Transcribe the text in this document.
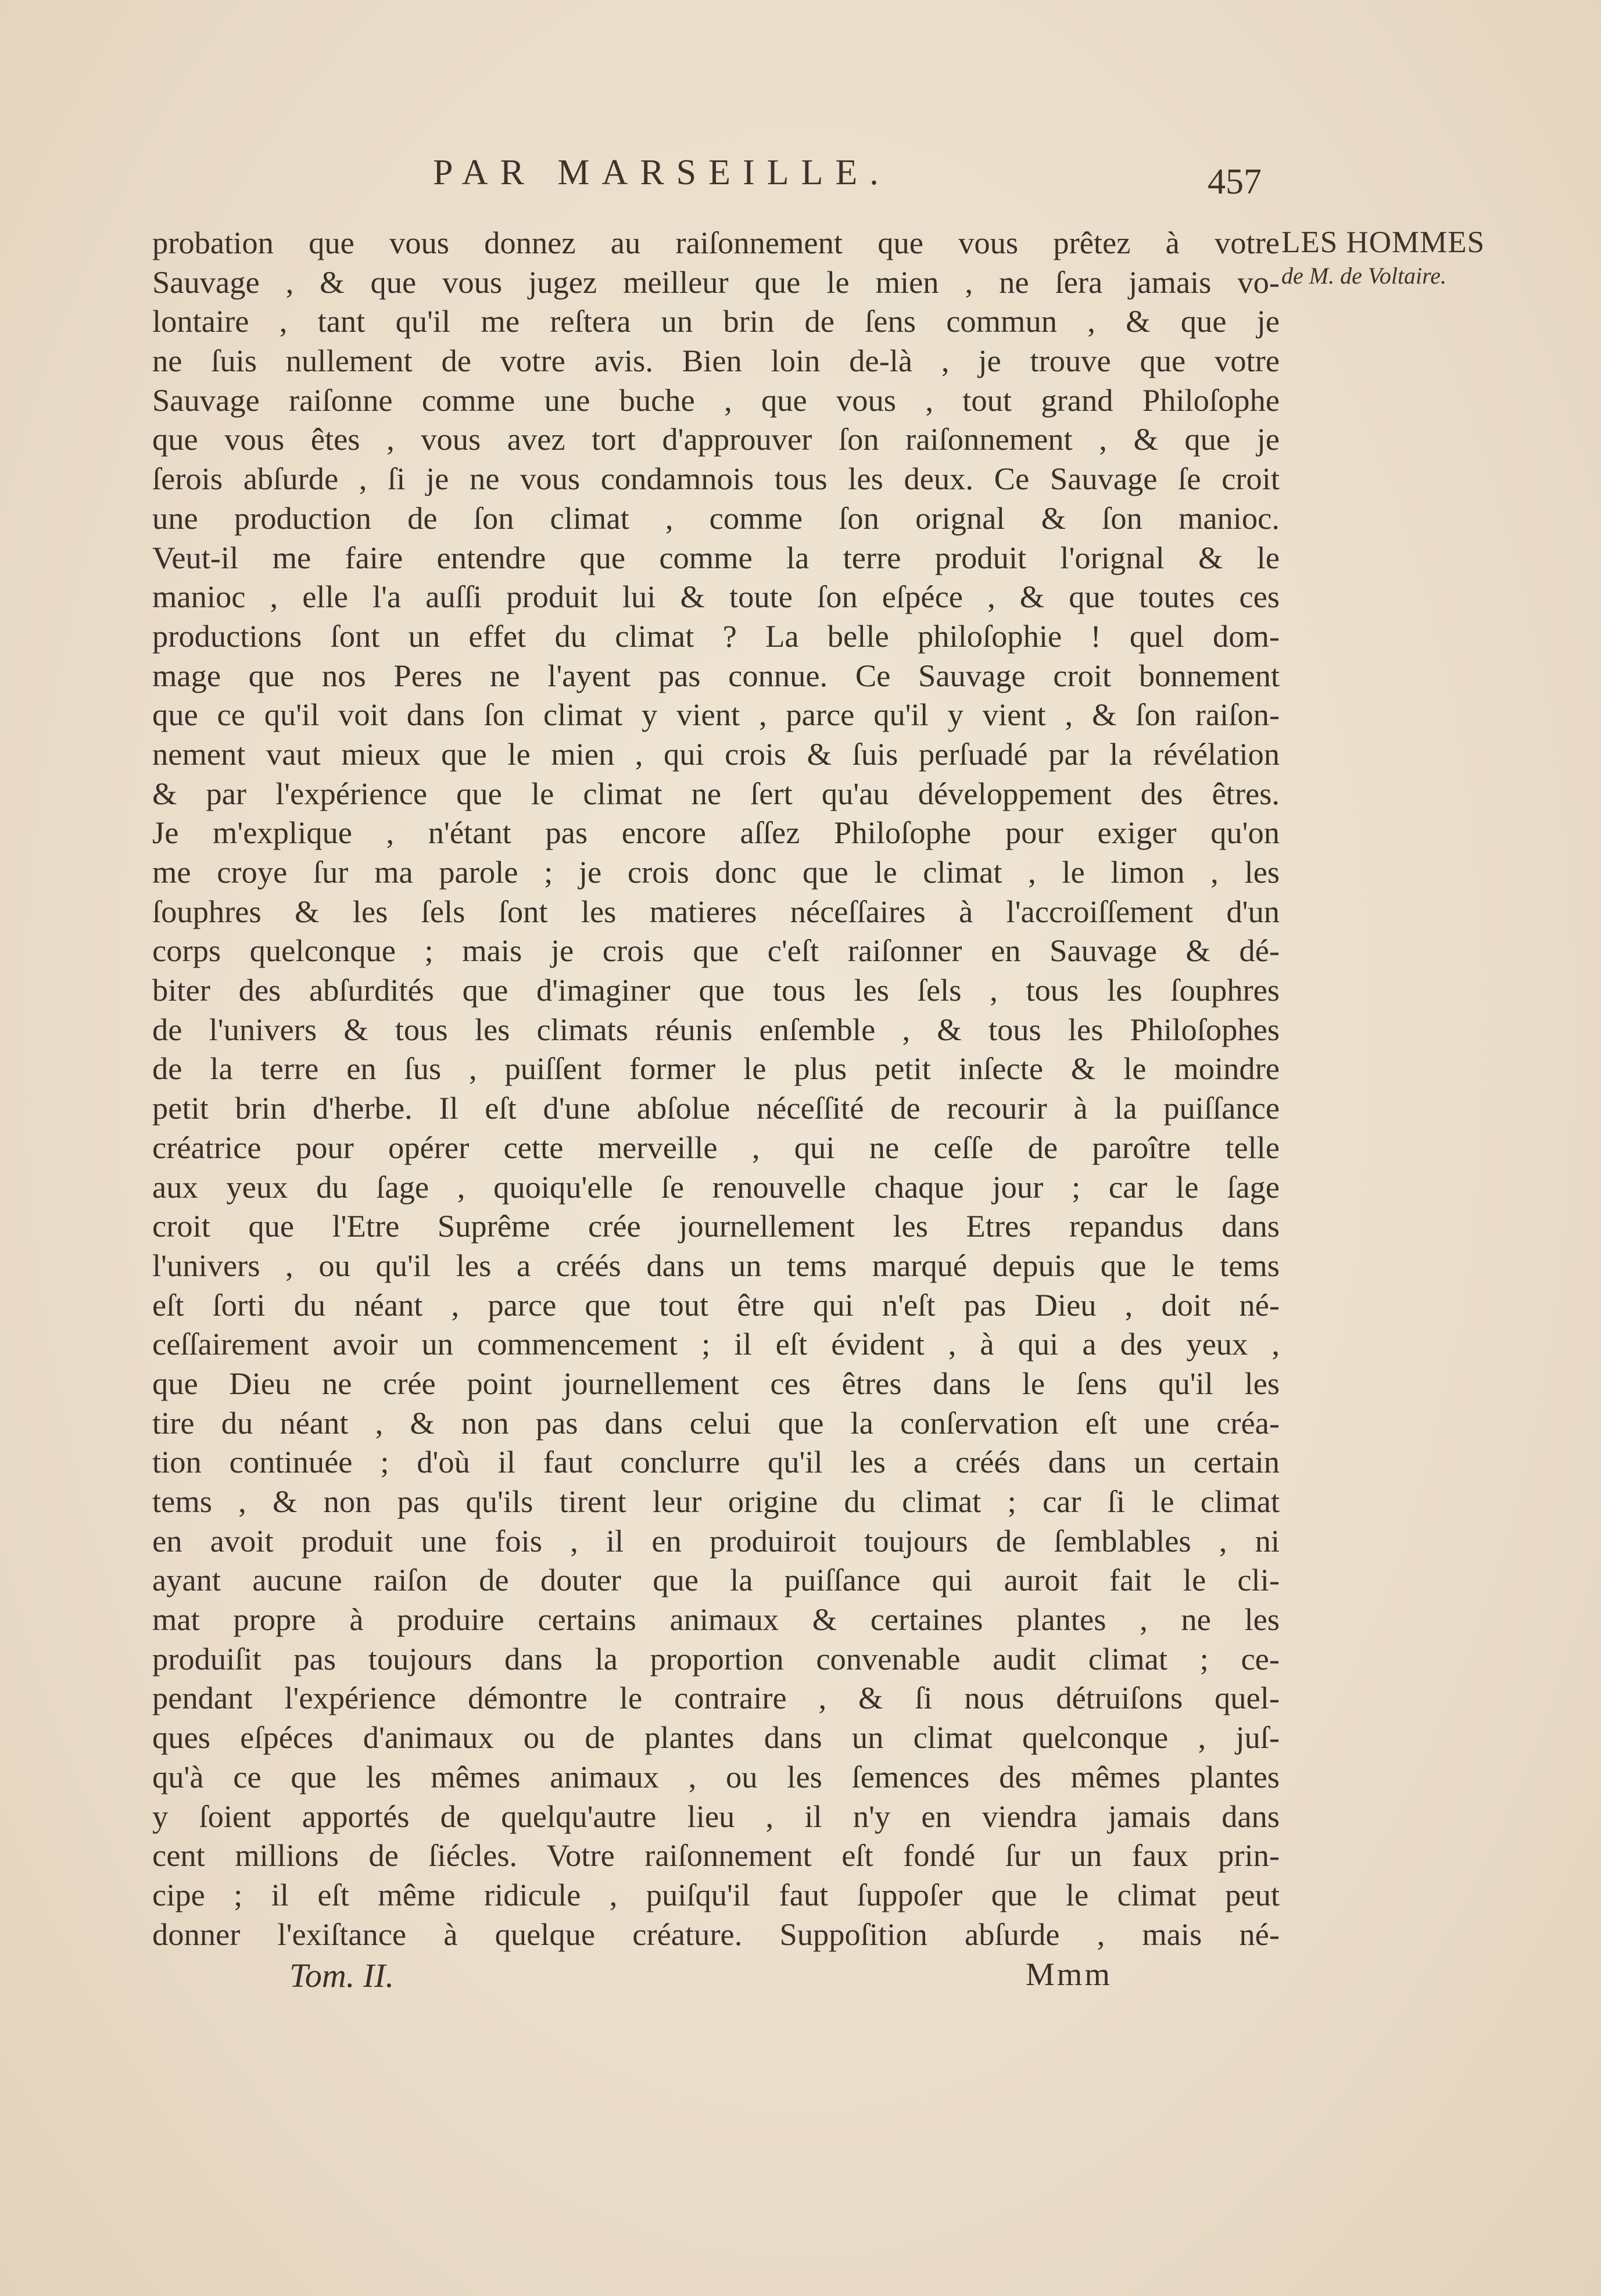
PAR MARSEILLE.	457
LES HOMMES
de M. de Voltaire.
probation que vous donnez au raiſonnement que vous prêtez à votre
Sauvage , & que vous jugez meilleur que le mien , ne ſera jamais vo-
lontaire , tant qu'il me reſtera un brin de ſens commun , & que je
ne ſuis nullement de votre avis. Bien loin de-là , je trouve que votre
Sauvage raiſonne comme une buche , que vous , tout grand Philoſophe
que vous êtes , vous avez tort d'approuver ſon raiſonnement , & que je
ſerois abſurde , ſi je ne vous condamnois tous les deux. Ce Sauvage ſe croit
une production de ſon climat , comme ſon orignal & ſon manioc.
Veut-il me faire entendre que comme la terre produit l'orignal & le
manioc , elle l'a auſſi produit lui & toute ſon eſpéce , & que toutes ces
productions ſont un effet du climat ? La belle philoſophie ! quel dom-
mage que nos Peres ne l'ayent pas connue. Ce Sauvage croit bonnement
que ce qu'il voit dans ſon climat y vient , parce qu'il y vient , & ſon raiſon-
nement vaut mieux que le mien , qui crois & ſuis perſuadé par la révélation
& par l'expérience que le climat ne ſert qu'au développement des êtres.
Je m'explique , n'étant pas encore aſſez Philoſophe pour exiger qu'on
me croye ſur ma parole ; je crois donc que le climat , le limon , les
ſouphres & les ſels ſont les matieres néceſſaires à l'accroiſſement d'un
corps quelconque ; mais je crois que c'eſt raiſonner en Sauvage & dé-
biter des abſurdités que d'imaginer que tous les ſels , tous les ſouphres
de l'univers & tous les climats réunis enſemble , & tous les Philoſophes
de la terre en ſus , puiſſent former le plus petit inſecte & le moindre
petit brin d'herbe. Il eſt d'une abſolue néceſſité de recourir à la puiſſance
créatrice pour opérer cette merveille , qui ne ceſſe de paroître telle
aux yeux du ſage , quoiqu'elle ſe renouvelle chaque jour ; car le ſage
croit que l'Etre Suprême crée journellement les Etres repandus dans
l'univers , ou qu'il les a créés dans un tems marqué depuis que le tems
eſt ſorti du néant , parce que tout être qui n'eſt pas Dieu , doit né-
ceſſairement avoir un commencement ; il eſt évident , à qui a des yeux ,
que Dieu ne crée point journellement ces êtres dans le ſens qu'il les
tire du néant , & non pas dans celui que la conſervation eſt une créa-
tion continuée ; d'où il faut conclurre qu'il les a créés dans un certain
tems , & non pas qu'ils tirent leur origine du climat ; car ſi le climat
en avoit produit une fois , il en produiroit toujours de ſemblables , ni
ayant aucune raiſon de douter que la puiſſance qui auroit fait le cli-
mat propre à produire certains animaux & certaines plantes , ne les
produiſit pas toujours dans la proportion convenable audit climat ; ce-
pendant l'expérience démontre le contraire , & ſi nous détruiſons quel-
ques eſpéces d'animaux ou de plantes dans un climat quelconque , juſ-
qu'à ce que les mêmes animaux , ou les ſemences des mêmes plantes
y ſoient apportés de quelqu'autre lieu , il n'y en viendra jamais dans
cent millions de ſiécles. Votre raiſonnement eſt fondé ſur un faux prin-
cipe ; il eſt même ridicule , puiſqu'il faut ſuppoſer que le climat peut
donner l'exiſtance à quelque créature. Suppoſition abſurde , mais né-
Tom. II.	Mmm
